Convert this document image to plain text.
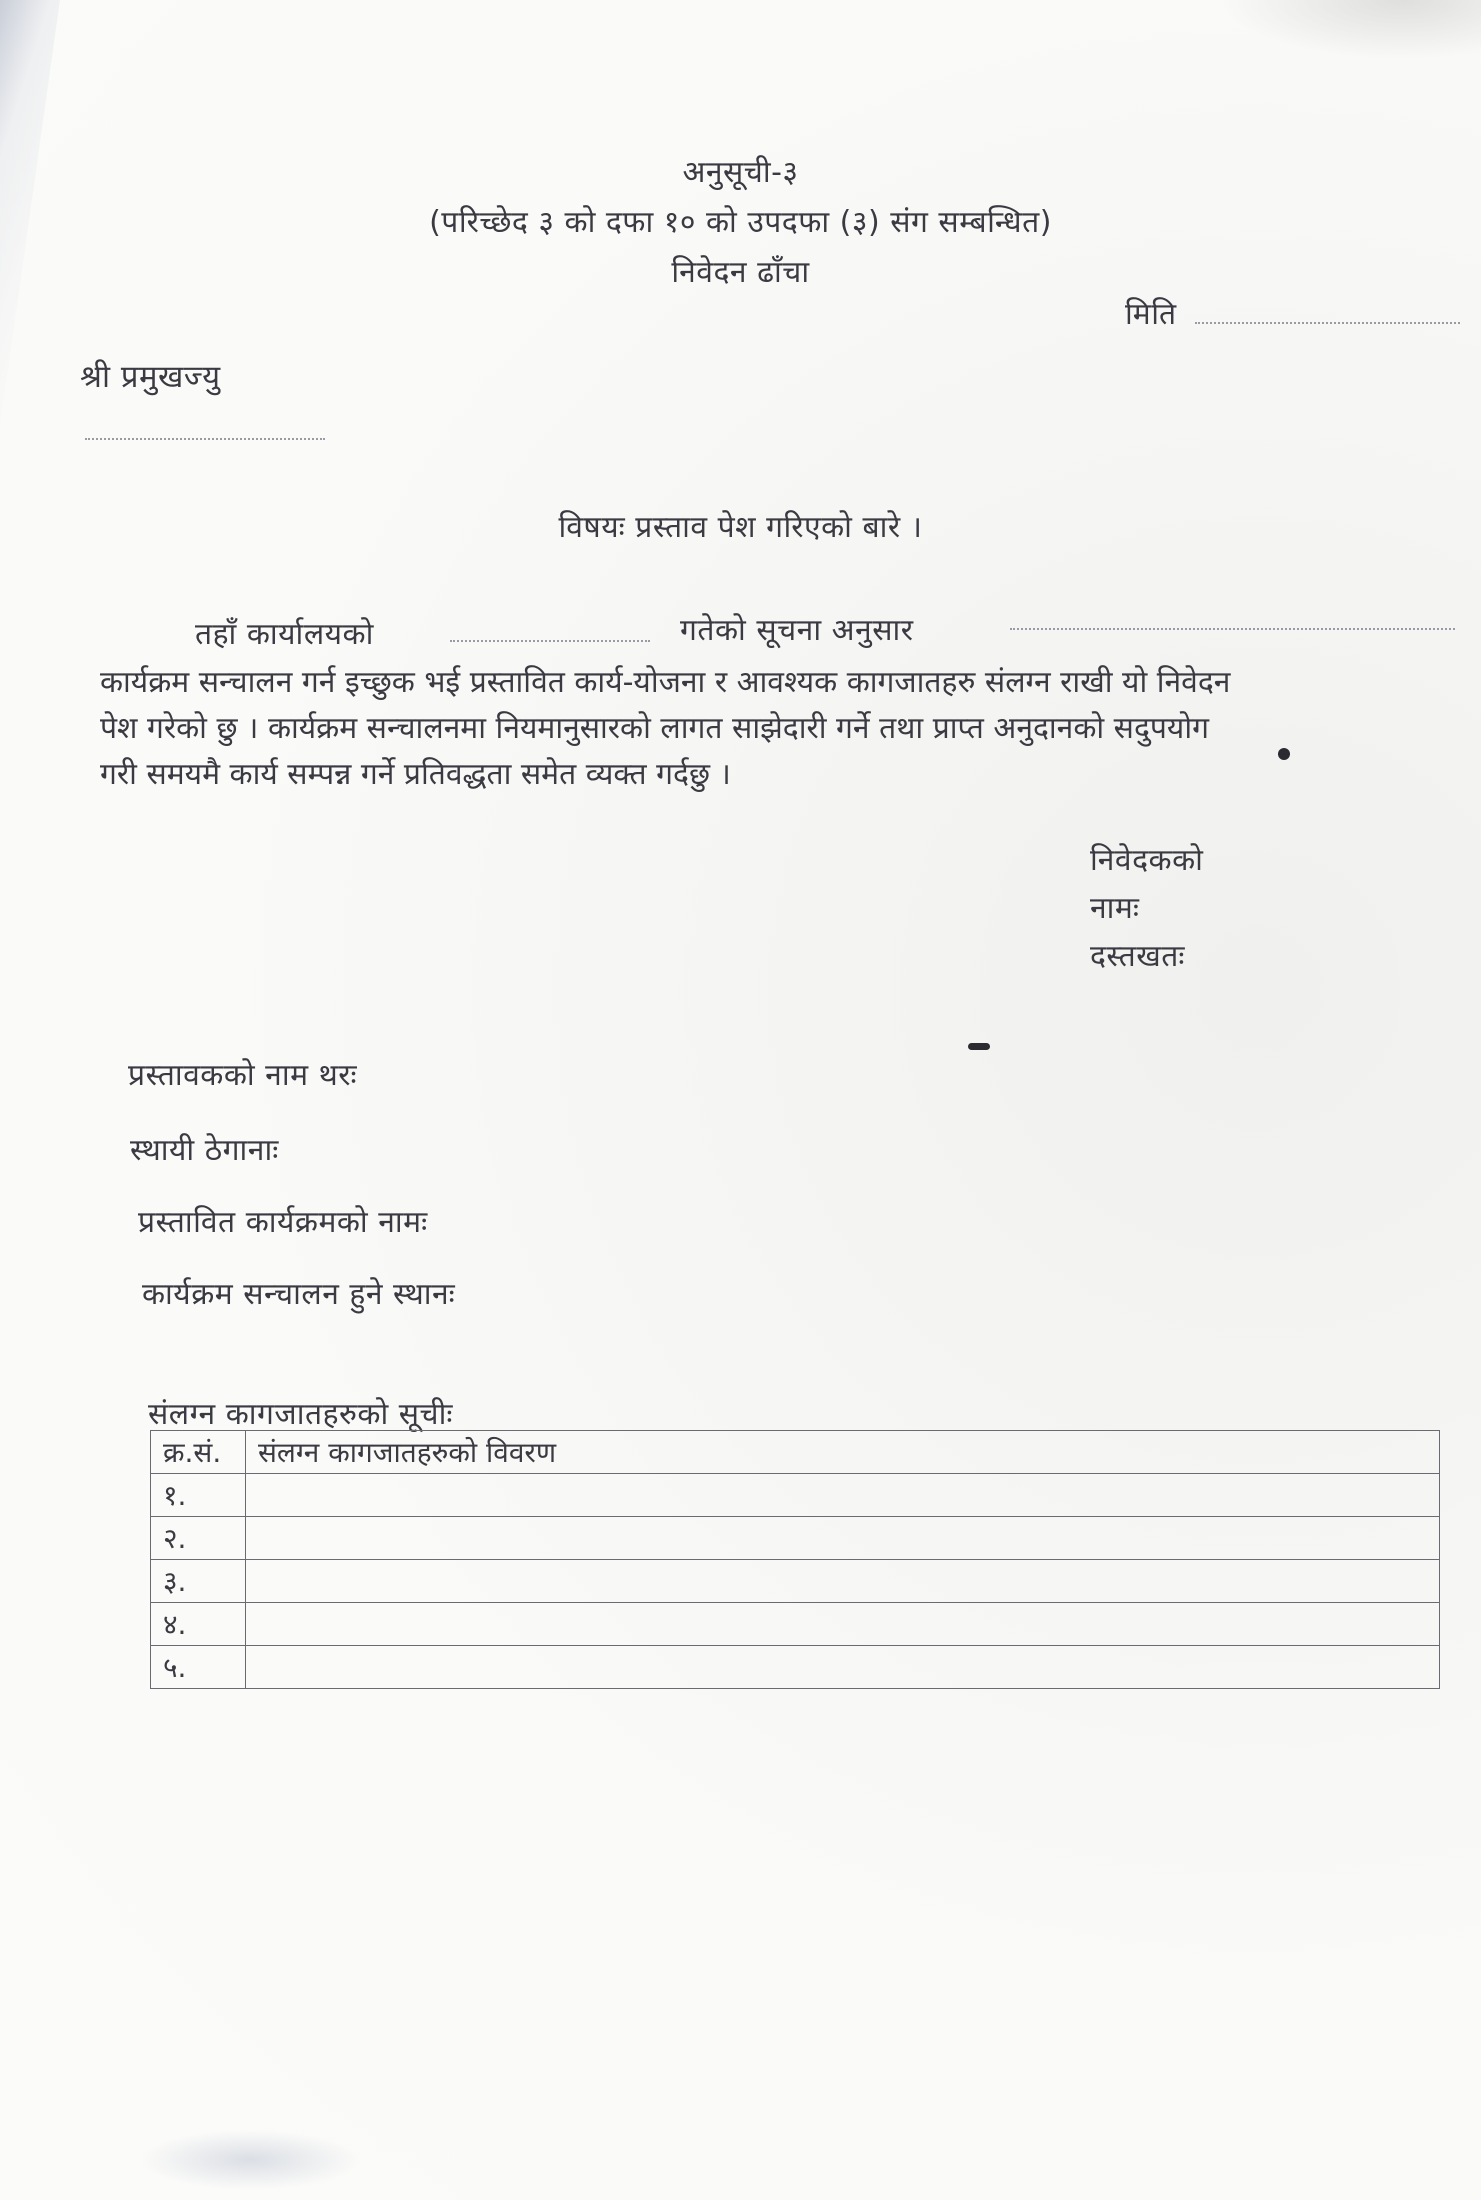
अनुसूची-३
(परिच्छेद ३ को दफा १० को उपदफा (३) संग सम्बन्धित)
निवेदन ढाँचा
मिति
श्री प्रमुखज्यु
विषयः प्रस्ताव पेश गरिएको बारे ।
तहाँ कार्यालयको	गतेको सूचना अनुसार
कार्यक्रम सन्चालन गर्न इच्छुक भई प्रस्तावित कार्य-योजना र आवश्यक कागजातहरु संलग्न राखी यो निवेदन
पेश गरेको छु । कार्यक्रम सन्चालनमा नियमानुसारको लागत साझेदारी गर्ने तथा प्राप्त अनुदानको सदुपयोग
गरी समयमै कार्य सम्पन्न गर्ने प्रतिवद्धता समेत व्यक्त गर्दछु ।
निवेदकको
नामः
दस्तखतः
प्रस्तावकको नाम थरः
स्थायी ठेगानाः
प्रस्तावित कार्यक्रमको नामः
कार्यक्रम सन्चालन हुने स्थानः
संलग्न कागजातहरुको सूचीः
क्र.सं.	संलग्न कागजातहरुको विवरण
१.	
२.	
३.	
४.	
५.	
